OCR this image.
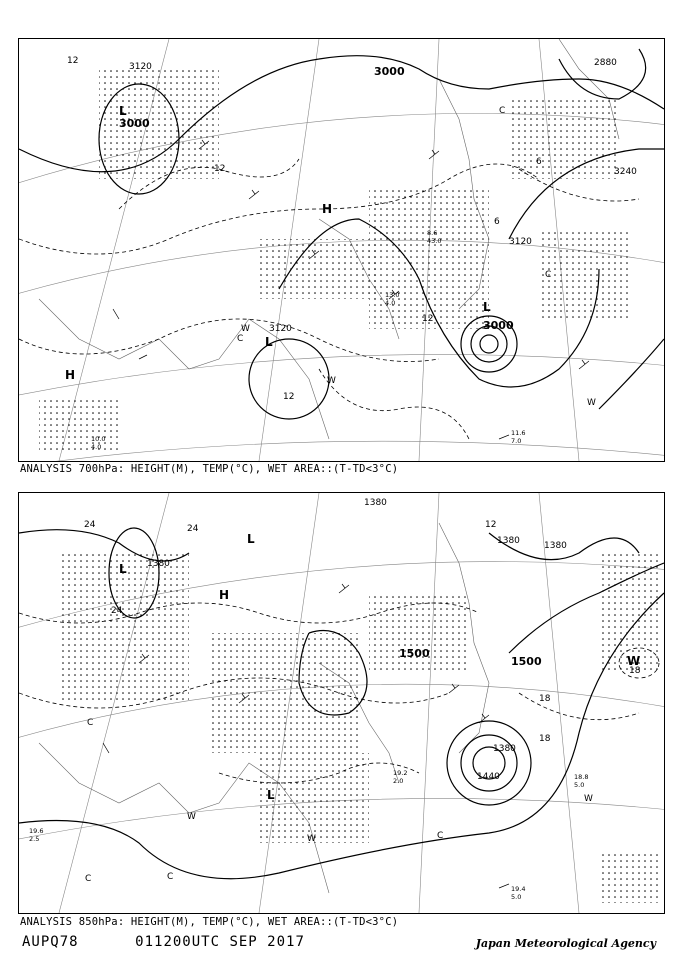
3120
3000
3000
2880
3240
3120
3120	3000
12
12
12
12
6
6
C
C
C
W
W
W
L
L
H
H
L
11.6
7.0
10.0
4.0
8.6
43.0
13.0
4.0
ANALYSIS 700hPa: HEIGHT(M), TEMP(°C), WET AREA::(T-TD<3°C)
1380
1380
1380
1500
1500
1380
1440
1380
24	24
24
12
18
18
18
C
C	C
C
W
W
W
L
L
H
L
W
19.4
5.0
18.8
5.0
19.2
2.0
19.6
2.5
ANALYSIS 850hPa: HEIGHT(M), TEMP(°C), WET AREA::(T-TD<3°C)
AUPQ78	011200UTC SEP 2017	Japan Meteorological Agency
